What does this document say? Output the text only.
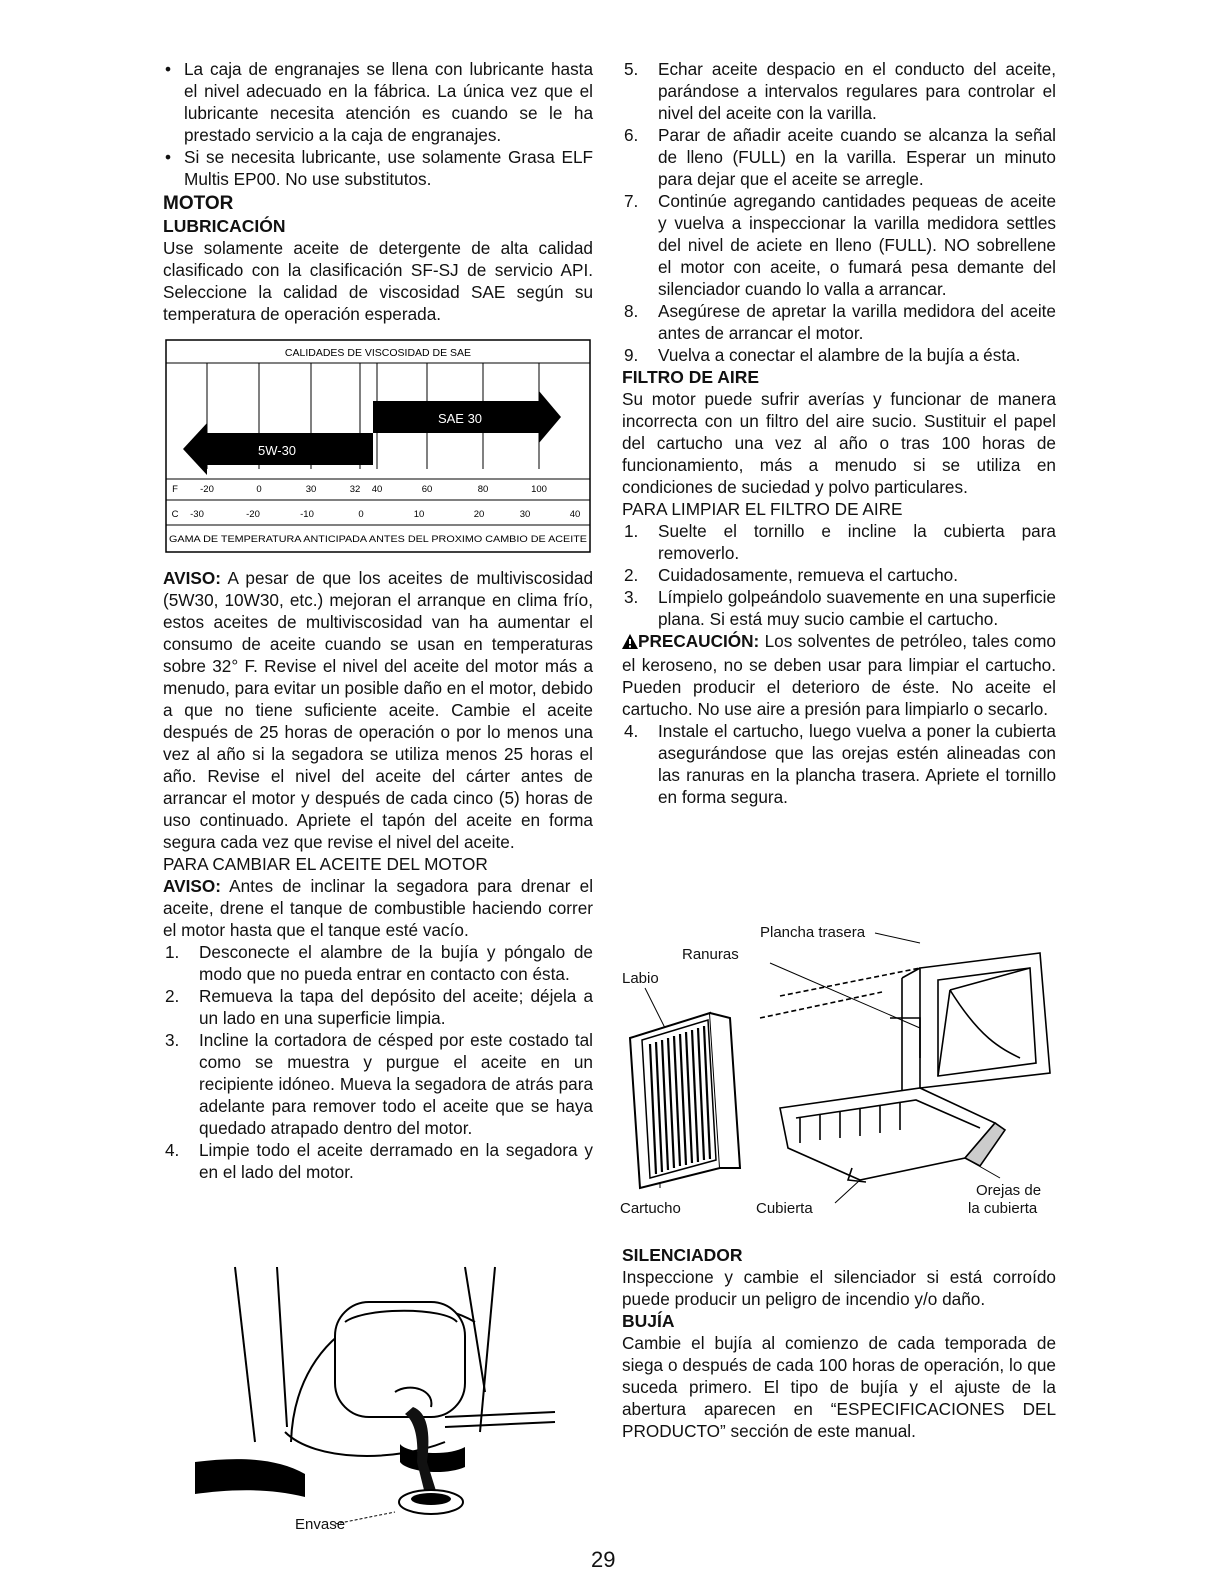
• La caja de engranajes se llena con lubricante hasta el nivel adecuado en la fábrica. La única vez que el lubricante necesita atención es cuando se le ha prestado servicio a la caja de engranajes.
• Si se necesita lubricante, use solamente Grasa ELF Multis EP00. No use substitutos.
MOTOR
LUBRICACIÓN

Use solamente aceite de detergente de alta calidad clasificado con la clasificación SF-SJ de servicio API. Seleccione la calidad de viscosidad SAE según su temperatura de operación esperada.

CALIDADES DE VISCOSIDAD DE SAE
SAE 30
5W-30
F -20	0	30	32 40	60	80	100
C -30	-20	-10	0	10	20	30	40
GAMA DE TEMPERATURA ANTICIPADA ANTES DEL PROXIMO CAMBIO DE ACEITE

AVISO: A pesar de que los aceites de multiviscosidad (5W30, 10W30, etc.) mejoran el arranque en clima frío, estos aceites de multiviscosidad van ha aumentar el consumo de aceite cuando se usan en temperaturas sobre 32° F. Revise el nivel del aceite del motor más a menudo, para evitar un posible daño en el motor, debido a que no tiene suficiente aceite. Cambie el aceite después de 25 horas de operación o por lo menos una vez al año si la segadora se utiliza menos 25 horas el año. Revise el nivel del aceite del cárter antes de arrancar el motor y después de cada cinco (5) horas de uso continuado. Apriete el tapón del aceite en forma segura cada vez que revise el nivel del aceite.

PARA CAMBIAR EL ACEITE DEL MOTOR

AVISO: Antes de inclinar la segadora para drenar el aceite, drene el tanque de combustible haciendo correr el motor hasta que el tanque esté vacío.

1. Desconecte el alambre de la bujía y póngalo de modo que no pueda entrar en contacto con ésta.
2. Remueva la tapa del depósito del aceite; déjela a un lado en una superficie limpia.
3. Incline la cortadora de césped por este costado tal como se muestra y purgue el aceite en un recipiente idóneo. Mueva la segadora de atrás para adelante para remover todo el aceite que se haya quedado atrapado dentro del motor.
4. Limpie todo el aceite derramado en la segadora y en el lado del motor.
Envase
5. Echar aceite despacio en el conducto del aceite, parándose a intervalos regulares para controlar el nivel del aceite con la varilla.
6. Parar de añadir aceite cuando se alcanza la señal de lleno (FULL) en la varilla. Esperar un minuto para dejar que el aceite se arregle.
7. Continúe agregando cantidades pequeas de aceite y vuelva a inspeccionar la varilla medidora settles del nivel de aciete en lleno (FULL). NO sobrellene el motor con aceite, o fumará pesa demante del silenciador cuando lo valla a arrancar.
8. Asegúrese de apretar la varilla medidora del aceite antes de arrancar el motor.
9. Vuelva a conectar el alambre de la bujía a ésta.
FILTRO DE AIRE

Su motor puede sufrir averías y funcionar de manera incorrecta con un filtro del aire sucio. Sustituir el papel del cartucho una vez al año o tras 100 horas de funcionamiento, más a menudo si se utiliza en condiciones de suciedad y polvo particulares.

PARA LIMPIAR EL FILTRO DE AIRE
1. Suelte el tornillo e incline la cubierta para removerlo.
2. Cuidadosamente, remueva el cartucho.
3. Límpielo golpeándolo suavemente en una superficie plana. Si está muy sucio cambie el cartucho.

PRECAUCIÓN: Los solventes de petróleo, tales como el keroseno, no se deben usar para limpiar el cartucho. Pueden producir el deterioro de éste. No aceite el cartucho. No use aire a presión para limpiarlo o secarlo.

4. Instale el cartucho, luego vuelva a poner la cubierta asegurándose que las orejas estén alineadas con las ranuras en la plancha trasera. Apriete el tornillo en forma segura.
Plancha trasera
Ranuras
Labio
Cartucho	Cubierta
Orejas de
la cubierta
SILENCIADOR

Inspeccione y cambie el silenciador si está corroído puede producir un peligro de incendio y/o daño.

BUJÍA

Cambie el bujía al comienzo de cada temporada de siega o después de cada 100 horas de operación, lo que suceda primero. El tipo de bujía y el ajuste de la abertura aparecen en “ESPECIFICACIONES DEL PRODUCTO” sección de este manual.

29
